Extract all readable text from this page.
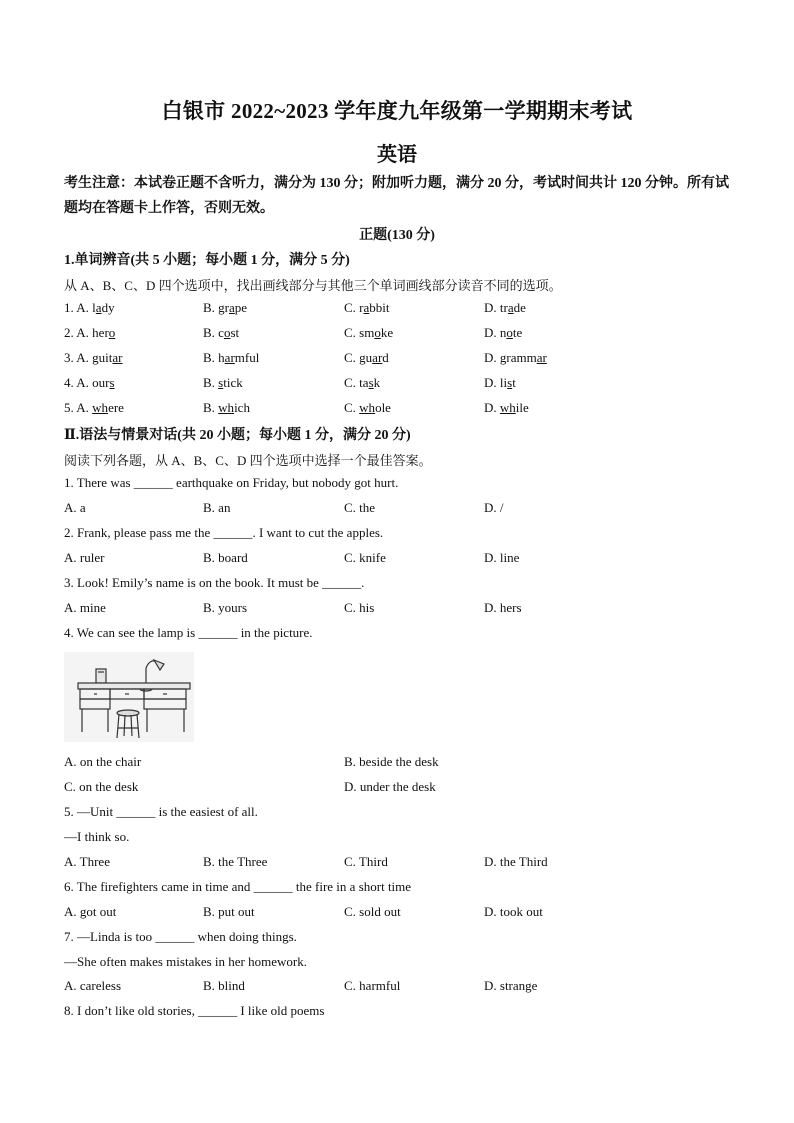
白银市 2022~2023 学年度九年级第一学期期末考试
英语
考生注意：本试卷正题不含听力，满分为 130 分；附加听力题，满分 20 分，考试时间共计 120 分钟。所有试题均在答题卡上作答，否则无效。
正题(130 分)
1.单词辨音(共 5 小题；每小题 1 分，满分 5 分)
从 A、B、C、D 四个选项中，找出画线部分与其他三个单词画线部分读音不同的选项。
1. A. lady	B. grape	C. rabbit	D. trade
2. A. hero	B. cost	C. smoke	D. note
3. A. guitar	B. harmful	C. guard	D. grammar
4. A. ours	B. stick	C. task	D. list
5. A. where	B. which	C. whole	D. while
Ⅱ.语法与情景对话(共 20 小题；每小题 1 分，满分 20 分)
阅读下列各题，从 A、B、C、D 四个选项中选择一个最佳答案。
1. There was ______ earthquake on Friday, but nobody got hurt.
A. a	B. an	C. the	D. /
2. Frank, please pass me the ______. I want to cut the apples.
A. ruler	B. board	C. knife	D. line
3. Look! Emily’s name is on the book. It must be ______.
A. mine	B. yours	C. his	D. hers
4. We can see the lamp is ______ in the picture.
A. on the chair	B. beside the desk
C. on the desk	D. under the desk
5. —Unit ______ is the easiest of all.
—I think so.
A. Three	B. the Three	C. Third	D. the Third
6. The firefighters came in time and ______ the fire in a short time
A. got out	B. put out	C. sold out	D. took out
7. —Linda is too ______ when doing things.
—She often makes mistakes in her homework.
A. careless	B. blind	C. harmful	D. strange
8. I don’t like old stories, ______ I like old poems
